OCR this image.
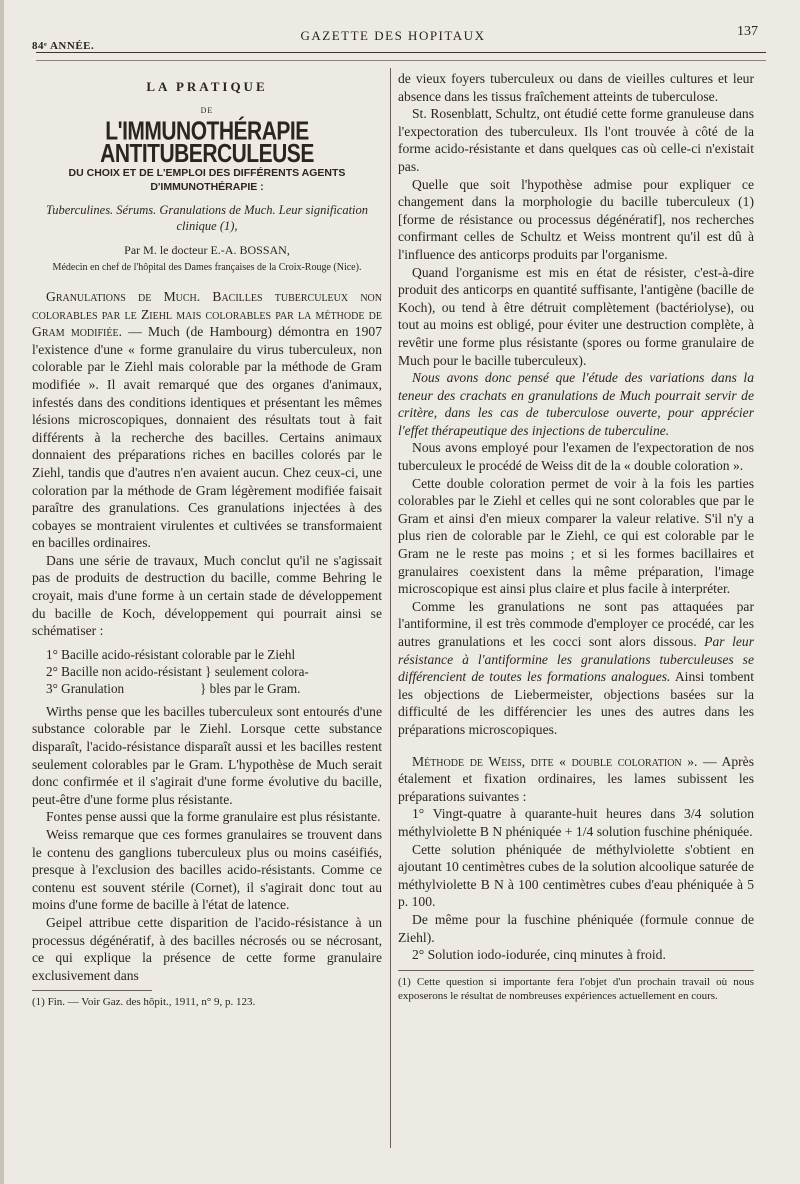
84ᵉ ANNÉE.
GAZETTE DES HOPITAUX	137
LA PRATIQUE
DE
L'IMMUNOTHÉRAPIE ANTITUBERCULEUSE
DU CHOIX ET DE L'EMPLOI DES DIFFÉRENTS AGENTS D'IMMUNOTHÉRAPIE :
Tuberculines. Sérums. Granulations de Much. Leur signification clinique (1),
Par M. le docteur E.-A. BOSSAN,
Médecin en chef de l'hôpital des Dames françaises de la Croix-Rouge (Nice).

Granulations de Much. Bacilles tuberculeux non colorables par le Ziehl mais colorables par la méthode de Gram modifiée. — Much (de Hambourg) démontra en 1907 l'existence d'une « forme granulaire du virus tuberculeux, non colorable par le Ziehl mais colorable par la méthode de Gram modifiée ». Il avait remarqué que des organes d'animaux, infestés dans des conditions identiques et présentant les mêmes lésions microscopiques, donnaient des résultats tout à fait différents à la recherche des bacilles. Certains animaux donnaient des préparations riches en bacilles colorés par le Ziehl, tandis que d'autres n'en avaient aucun. Chez ceux-ci, une coloration par la méthode de Gram légèrement modifiée faisait paraître des granulations. Ces granulations injectées à des cobayes se montraient virulentes et cultivées se transformaient en bacilles ordinaires.

Dans une série de travaux, Much conclut qu'il ne s'agissait pas de produits de destruction du bacille, comme Behring le croyait, mais d'une forme à un certain stade de développement du bacille de Koch, développement qui pourrait ainsi se schématiser :

1° Bacille acido-résistant colorable par le Ziehl
2° Bacille non acido-résistant } seulement colora-
3° Granulation                       } bles par le Gram.

Wirths pense que les bacilles tuberculeux sont entourés d'une substance colorable par le Ziehl. Lorsque cette substance disparaît, l'acido-résistance disparaît aussi et les bacilles restent seulement colorables par le Gram. L'hypothèse de Much serait donc confirmée et il s'agirait d'une forme évolutive du bacille, peut-être d'une forme plus résistante.

Fontes pense aussi que la forme granulaire est plus résistante.

Weiss remarque que ces formes granulaires se trouvent dans le contenu des ganglions tuberculeux plus ou moins caséifiés, presque à l'exclusion des bacilles acido-résistants. Comme ce contenu est souvent stérile (Cornet), il s'agirait donc tout au moins d'une forme de bacille à l'état de latence.

Geipel attribue cette disparition de l'acido-résistance à un processus dégénératif, à des bacilles nécrosés ou se nécrosant, ce qui explique la présence de cette forme granulaire exclusivement dans

(1) Fin. — Voir Gaz. des hôpit., 1911, n° 9, p. 123.

de vieux foyers tuberculeux ou dans de vieilles cultures et leur absence dans les tissus fraîchement atteints de tuberculose.

St. Rosenblatt, Schultz, ont étudié cette forme granuleuse dans l'expectoration des tuberculeux. Ils l'ont trouvée à côté de la forme acido-résistante et dans quelques cas où celle-ci n'existait pas.

Quelle que soit l'hypothèse admise pour expliquer ce changement dans la morphologie du bacille tuberculeux (1) [forme de résistance ou processus dégénératif], nos recherches confirmant celles de Schultz et Weiss montrent qu'il est dû à l'influence des anticorps produits par l'organisme.

Quand l'organisme est mis en état de résister, c'est-à-dire produit des anticorps en quantité suffisante, l'antigène (bacille de Koch), ou tend à être détruit complètement (bactériolyse), ou tout au moins est obligé, pour éviter une destruction complète, à revêtir une forme plus résistante (spores ou forme granulaire de Much pour le bacille tuberculeux).

Nous avons donc pensé que l'étude des variations dans la teneur des crachats en granulations de Much pourrait servir de critère, dans les cas de tuberculose ouverte, pour apprécier l'effet thérapeutique des injections de tuberculine.

Nous avons employé pour l'examen de l'expectoration de nos tuberculeux le procédé de Weiss dit de la « double coloration ».

Cette double coloration permet de voir à la fois les parties colorables par le Ziehl et celles qui ne sont colorables que par le Gram et ainsi d'en mieux comparer la valeur relative. S'il n'y a plus rien de colorable par le Ziehl, ce qui est colorable par le Gram ne le reste pas moins ; et si les formes bacillaires et granulaires coexistent dans la même préparation, l'image microscopique est ainsi plus claire et plus facile à interpréter.

Comme les granulations ne sont pas attaquées par l'antiformine, il est très commode d'employer ce procédé, car les autres granulations et les cocci sont alors dissous. Par leur résistance à l'antiformine les granulations tuberculeuses se différencient de toutes les formations analogues. Ainsi tombent les objections de Liebermeister, objections basées sur la difficulté de les différencier les unes des autres dans les préparations microscopiques.

Méthode de Weiss, dite « double coloration ». — Après étalement et fixation ordinaires, les lames subissent les préparations suivantes :

1° Vingt-quatre à quarante-huit heures dans 3/4 solution méthylviolette B N phéniquée + 1/4 solution fuschine phéniquée.

Cette solution phéniquée de méthylviolette s'obtient en ajoutant 10 centimètres cubes de la solution alcoolique saturée de méthylviolette B N à 100 centimètres cubes d'eau phéniquée à 5 p. 100.

De même pour la fuschine phéniquée (formule connue de Ziehl).

2° Solution iodo-iodurée, cinq minutes à froid.

(1) Cette question si importante fera l'objet d'un prochain travail où nous exposerons le résultat de nombreuses expériences actuellement en cours.
